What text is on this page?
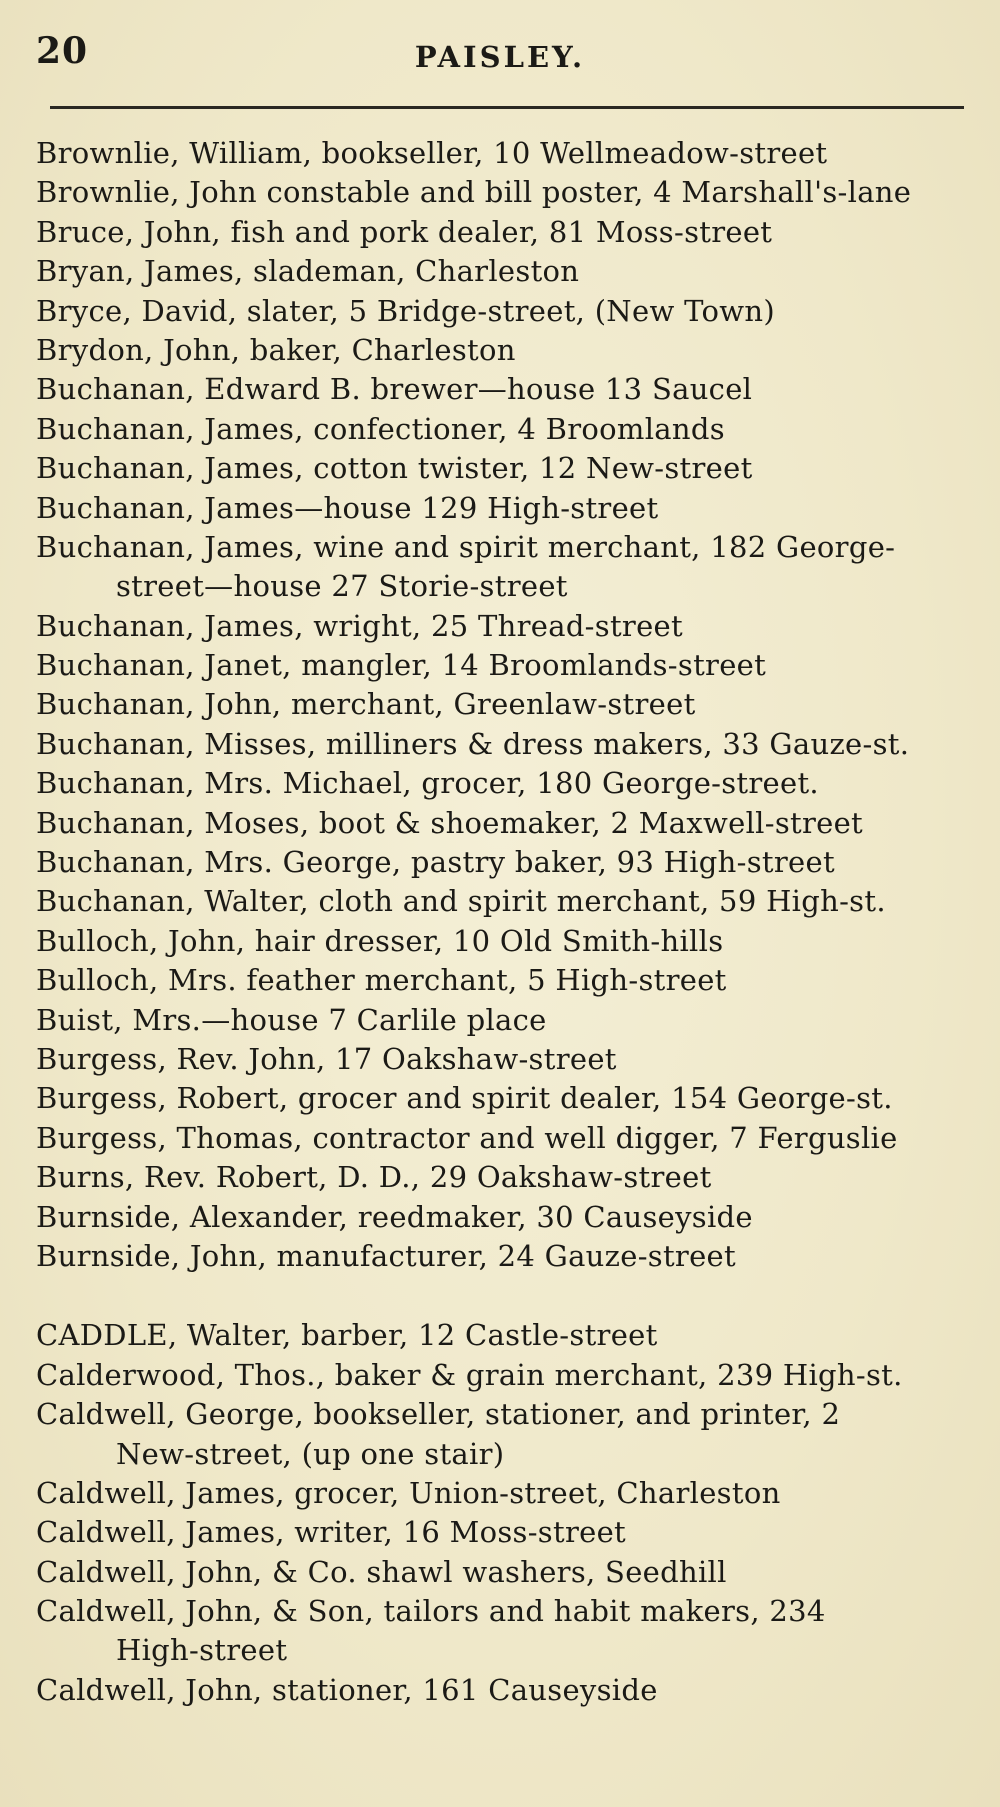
20	PAISLEY.
Brownlie, William, bookseller, 10 Wellmeadow-street
Brownlie, John constable and bill poster, 4 Marshall's-lane
Bruce, John, fish and pork dealer, 81 Moss-street
Bryan, James, slademan, Charleston
Bryce, David, slater, 5 Bridge-street, (New Town)
Brydon, John, baker, Charleston
Buchanan, Edward B. brewer—house 13 Saucel
Buchanan, James, confectioner, 4 Broomlands
Buchanan, James, cotton twister, 12 New-street
Buchanan, James—house 129 High-street
Buchanan, James, wine and spirit merchant, 182 George-
street—house 27 Storie-street
Buchanan, James, wright, 25 Thread-street
Buchanan, Janet, mangler, 14 Broomlands-street
Buchanan, John, merchant, Greenlaw-street
Buchanan, Misses, milliners & dress makers, 33 Gauze-st.
Buchanan, Mrs. Michael, grocer, 180 George-street.
Buchanan, Moses, boot & shoemaker, 2 Maxwell-street
Buchanan, Mrs. George, pastry baker, 93 High-street
Buchanan, Walter, cloth and spirit merchant, 59 High-st.
Bulloch, John, hair dresser, 10 Old Smith-hills
Bulloch, Mrs. feather merchant, 5 High-street
Buist, Mrs.—house 7 Carlile place
Burgess, Rev. John, 17 Oakshaw-street
Burgess, Robert, grocer and spirit dealer, 154 George-st.
Burgess, Thomas, contractor and well digger, 7 Ferguslie
Burns, Rev. Robert, D. D., 29 Oakshaw-street
Burnside, Alexander, reedmaker, 30 Causeyside
Burnside, John, manufacturer, 24 Gauze-street
CADDLE, Walter, barber, 12 Castle-street
Calderwood, Thos., baker & grain merchant, 239 High-st.
Caldwell, George, bookseller, stationer, and printer, 2
New-street, (up one stair)
Caldwell, James, grocer, Union-street, Charleston
Caldwell, James, writer, 16 Moss-street
Caldwell, John, & Co. shawl washers, Seedhill
Caldwell, John, & Son, tailors and habit makers, 234
High-street
Caldwell, John, stationer, 161 Causeyside
